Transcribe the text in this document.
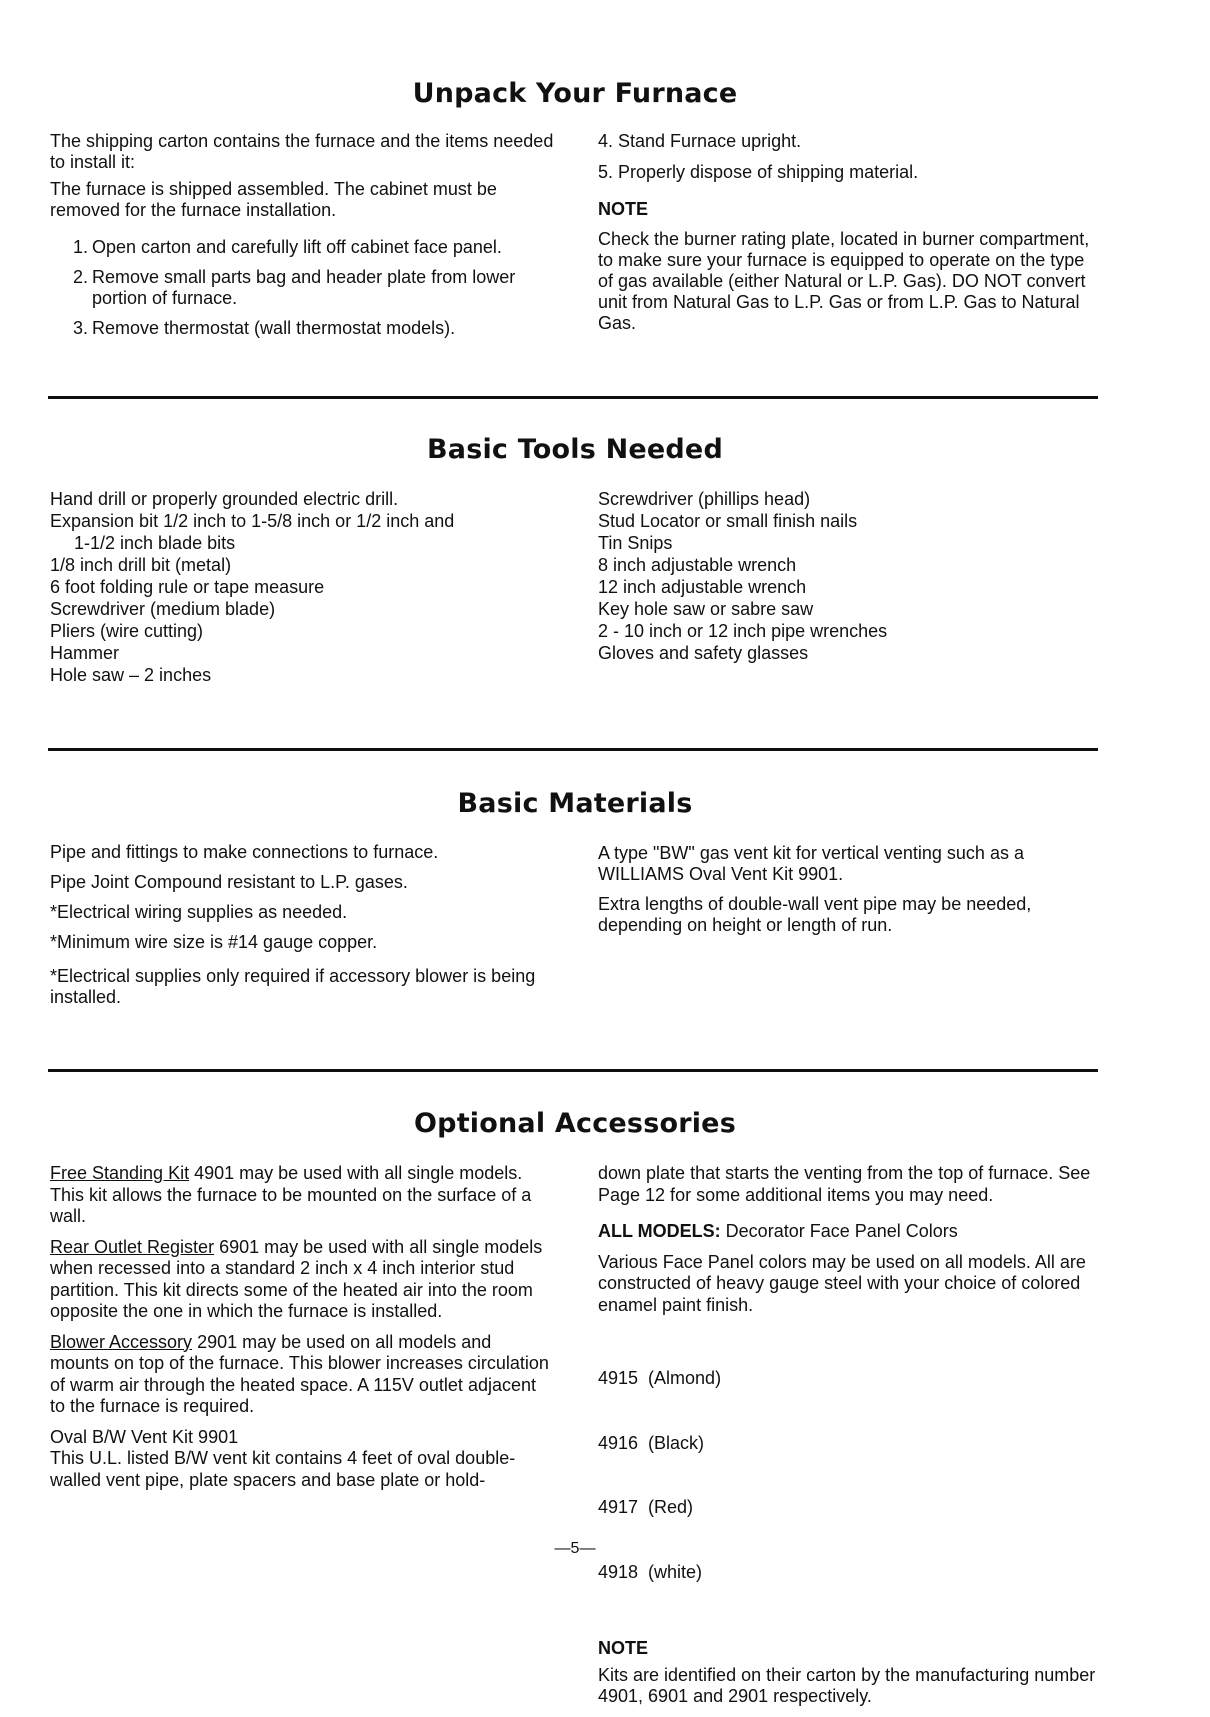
Unpack Your Furnace

The shipping carton contains the furnace and the items needed to install it:

The furnace is shipped assembled. The cabinet must be removed for the furnace installation.

1. Open carton and carefully lift off cabinet face panel.
2. Remove small parts bag and header plate from lower portion of furnace.
3. Remove thermostat (wall thermostat models).

4. Stand Furnace upright.

5. Properly dispose of shipping material.

NOTE

Check the burner rating plate, located in burner compartment, to make sure your furnace is equipped to operate on the type of gas available (either Natural or L.P. Gas). DO NOT convert unit from Natural Gas to L.P. Gas or from L.P. Gas to Natural Gas.

Basic Tools Needed
Hand drill or properly grounded electric drill.
Expansion bit 1/2 inch to 1-5/8 inch or 1/2 inch and
1-1/2 inch blade bits
1/8 inch drill bit (metal)
6 foot folding rule or tape measure
Screwdriver (medium blade)
Pliers (wire cutting)
Hammer
Hole saw – 2 inches
Screwdriver (phillips head)
Stud Locator or small finish nails
Tin Snips
8 inch adjustable wrench
12 inch adjustable wrench
Key hole saw or sabre saw
2 - 10 inch or 12 inch pipe wrenches
Gloves and safety glasses
Basic Materials

Pipe and fittings to make connections to furnace.

Pipe Joint Compound resistant to L.P. gases.

*Electrical wiring supplies as needed.

*Minimum wire size is #14 gauge copper.

*Electrical supplies only required if accessory blower is being installed.

A type "BW" gas vent kit for vertical venting such as a WILLIAMS Oval Vent Kit 9901.

Extra lengths of double-wall vent pipe may be needed, depending on height or length of run.

Optional Accessories

Free Standing Kit 4901 may be used with all single models. This kit allows the furnace to be mounted on the surface of a wall.

Rear Outlet Register 6901 may be used with all single models when recessed into a standard 2 inch x 4 inch interior stud partition. This kit directs some of the heated air into the room opposite the one in which the furnace is installed.

Blower Accessory 2901 may be used on all models and mounts on top of the furnace. This blower increases circulation of warm air through the heated space. A 115V outlet adjacent to the furnace is required.

Oval B/W Vent Kit 9901

This U.L. listed B/W vent kit contains 4 feet of oval double-walled vent pipe, plate spacers and base plate or hold-

down plate that starts the venting from the top of furnace. See Page 12 for some additional items you may need.

ALL MODELS: Decorator Face Panel Colors

Various Face Panel colors may be used on all models. All are constructed of heavy gauge steel with your choice of colored enamel paint finish.

4915  (Almond)

4916  (Black)

4917  (Red)

4918  (white)

NOTE

Kits are identified on their carton by the manufacturing number 4901, 6901 and 2901 respectively.

—5—
